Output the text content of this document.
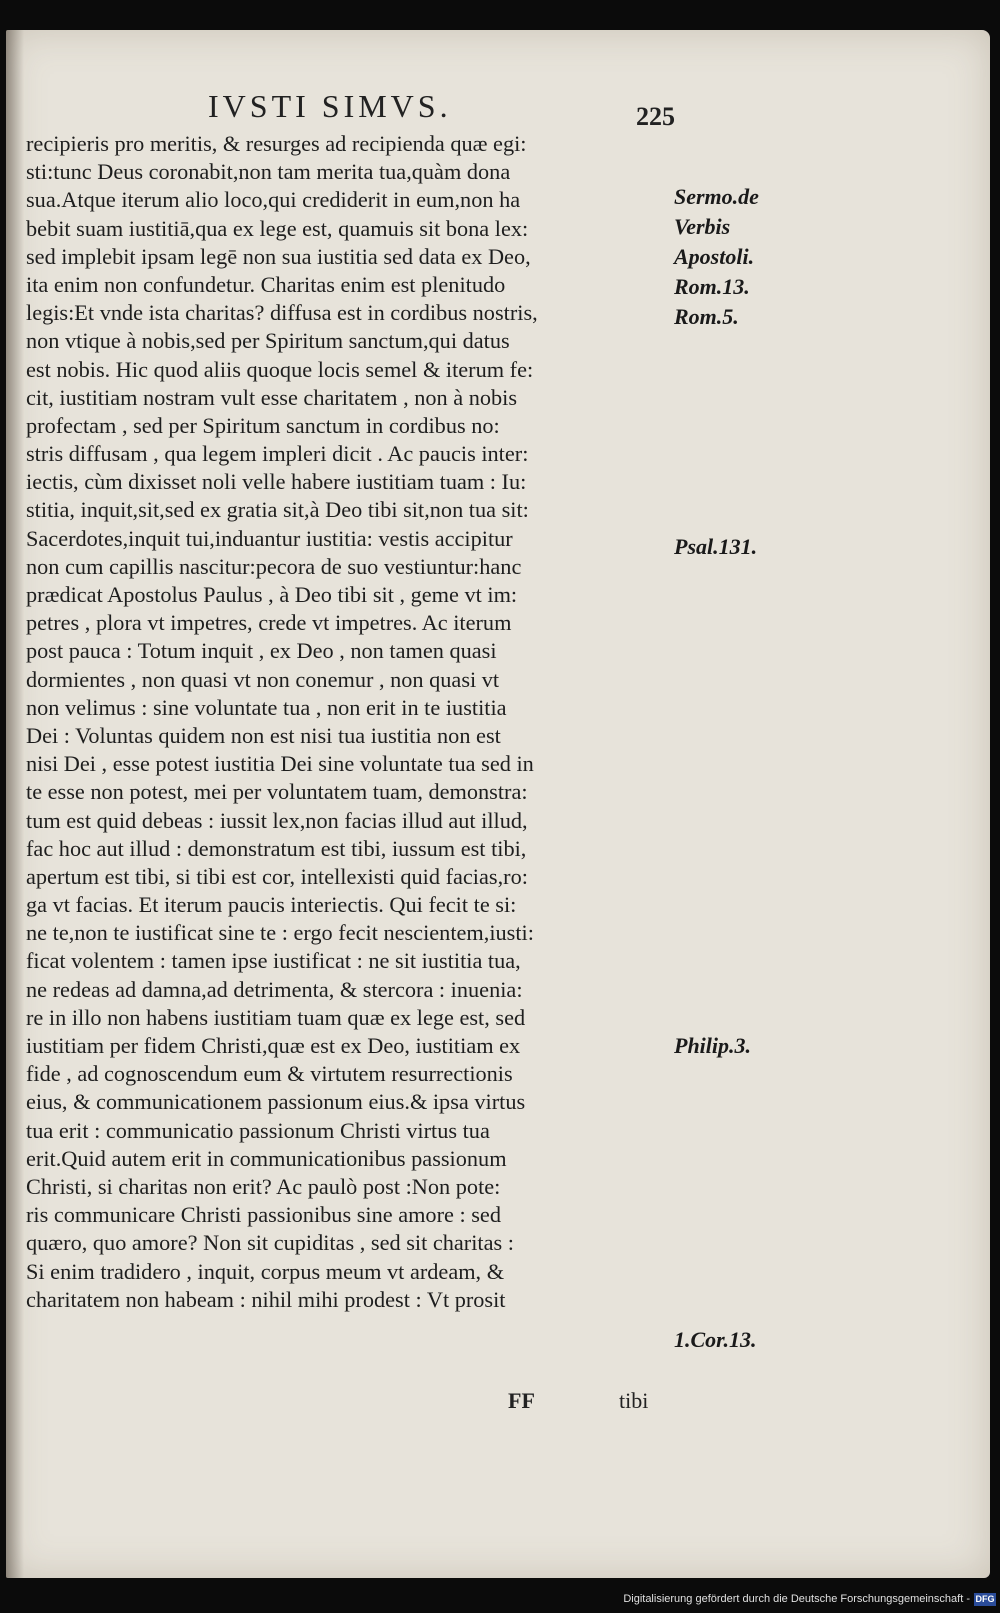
IVSTI SIMVS.	225
recipieris pro meritis, & resurges ad recipienda quæ egi:
sti:tunc Deus coronabit,non tam merita tua,quàm dona
sua.Atque iterum alio loco,qui crediderit in eum,non ha
bebit suam iustitiā,qua ex lege est, quamuis sit bona lex:
sed implebit ipsam legē non sua iustitia sed data ex Deo,
ita enim non confundetur. Charitas enim est plenitudo
legis:Et vnde ista charitas? diffusa est in cordibus nostris,
non vtique à nobis,sed per Spiritum sanctum,qui datus
est nobis. Hic quod aliis quoque locis semel & iterum fe:
cit, iustitiam nostram vult esse charitatem , non à nobis
profectam , sed per Spiritum sanctum in cordibus no:
stris diffusam , qua legem impleri dicit . Ac paucis inter:
iectis, cùm dixisset noli velle habere iustitiam tuam : Iu:
stitia, inquit,sit,sed ex gratia sit,à Deo tibi sit,non tua sit:
Sacerdotes,inquit tui,induantur iustitia: vestis accipitur
non cum capillis nascitur:pecora de suo vestiuntur:hanc
prædicat Apostolus Paulus , à Deo tibi sit , geme vt im:
petres , plora vt impetres, crede vt impetres. Ac iterum
post pauca : Totum inquit , ex Deo , non tamen quasi
dormientes , non quasi vt non conemur , non quasi vt
non velimus : sine voluntate tua , non erit in te iustitia
Dei : Voluntas quidem non est nisi tua iustitia non est
nisi Dei , esse potest iustitia Dei sine voluntate tua sed in
te esse non potest, mei per voluntatem tuam, demonstra:
tum est quid debeas : iussit lex,non facias illud aut illud,
fac hoc aut illud : demonstratum est tibi, iussum est tibi,
apertum est tibi, si tibi est cor, intellexisti quid facias,ro:
ga vt facias. Et iterum paucis interiectis. Qui fecit te si:
ne te,non te iustificat sine te : ergo fecit nescientem,iusti:
ficat volentem : tamen ipse iustificat : ne sit iustitia tua,
ne redeas ad damna,ad detrimenta, & stercora : inuenia:
re in illo non habens iustitiam tuam quæ ex lege est, sed
iustitiam per fidem Christi,quæ est ex Deo, iustitiam ex
fide , ad cognoscendum eum & virtutem resurrectionis
eius, & communicationem passionum eius.& ipsa virtus
tua erit : communicatio passionum Christi virtus tua
erit.Quid autem erit in communicationibus passionum
Christi, si charitas non erit? Ac paulò post :Non pote:
ris communicare Christi passionibus sine amore : sed
quæro, quo amore? Non sit cupiditas , sed sit charitas :
Si enim tradidero , inquit, corpus meum vt ardeam, &
charitatem non habeam : nihil mihi prodest : Vt prosit
Sermo.de
Verbis
Apostoli.
Rom.13.
Rom.5.
Psal.131.
Philip.3.
1.Cor.13.
FF	tibi
Digitalisierung gefördert durch die Deutsche Forschungsgemeinschaft - DFG
